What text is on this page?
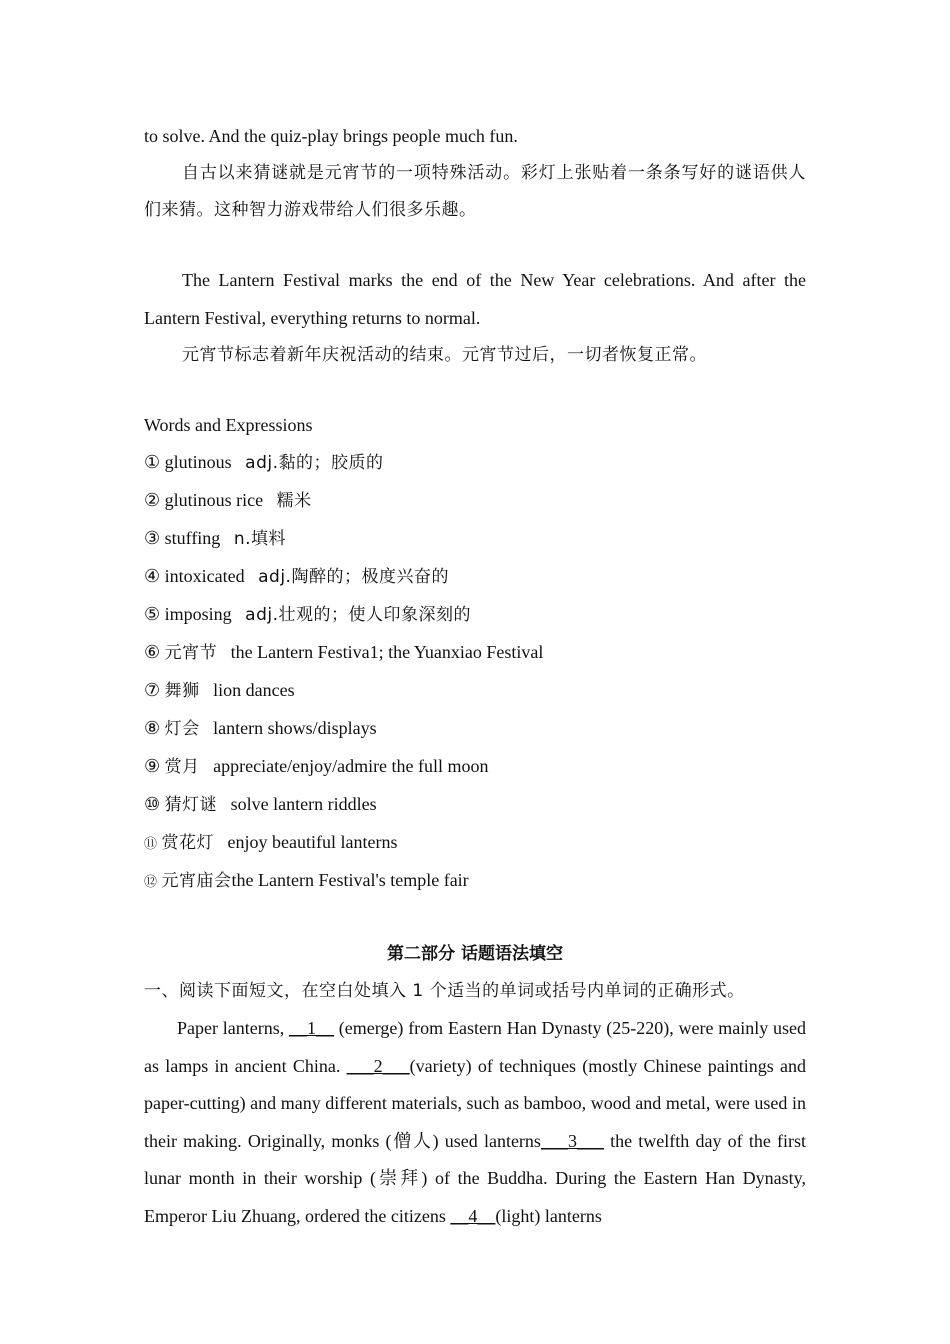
to solve. And the quiz-play brings people much fun.
自古以来猜谜就是元宵节的一项特殊活动。彩灯上张贴着一条条写好的谜语供人们来猜。这种智力游戏带给人们很多乐趣。
The Lantern Festival marks the end of the New Year celebrations. And after the Lantern Festival, everything returns to normal.
元宵节标志着新年庆祝活动的结束。元宵节过后，一切者恢复正常。
Words and Expressions
① glutinous adj.黏的；胶质的
② glutinous rice 糯米
③ stuffing   n.填料
④ intoxicated adj.陶醉的；极度兴奋的
⑤ imposing adj.壮观的；使人印象深刻的
⑥ 元宵节   the Lantern Festiva1; the Yuanxiao Festival
⑦ 舞狮 lion dances
⑧ 灯会   lantern shows/displays
⑨ 赏月   appreciate/enjoy/admire the full moon
⑩ 猜灯谜   solve lantern riddles
⑪ 赏花灯   enjoy beautiful lanterns
⑫ 元宵庙会the Lantern Festival's temple fair
第二部分 话题语法填空
一、阅读下面短文，在空白处填入 1 个适当的单词或括号内单词的正确形式。
Paper lanterns, __1__ (emerge) from Eastern Han Dynasty (25-220), were mainly used as lamps in ancient China. ___2___(variety) of techniques (mostly Chinese paintings and paper-cutting) and many different materials, such as bamboo, wood and metal, were used in their making. Originally, monks (僧人) used lanterns___3___ the twelfth day of the first lunar month in their worship (崇拜) of the Buddha. During the Eastern Han Dynasty, Emperor Liu Zhuang, ordered the citizens __4__(light) lanterns
